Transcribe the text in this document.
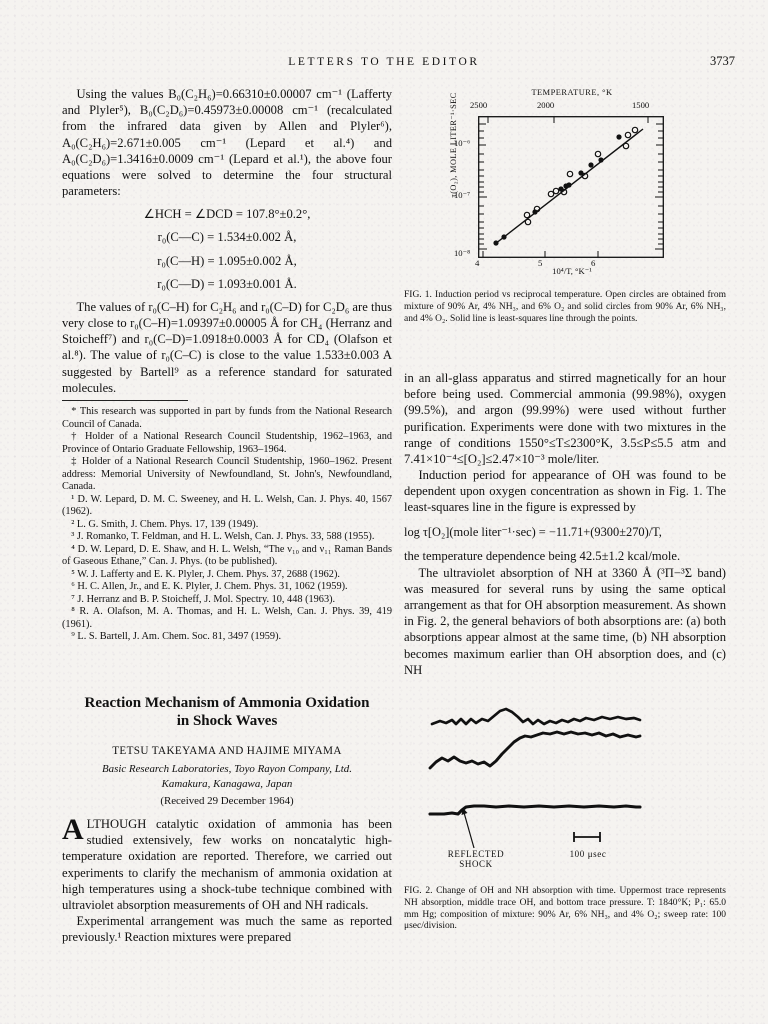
LETTERS TO THE EDITOR	3737

Using the values B₀(C₂H₆)=0.66310±0.00007 cm⁻¹ (Lafferty and Plyler⁵), B₀(C₂D₆)=0.45973±0.00008 cm⁻¹ (recalculated from the infrared data given by Allen and Plyler⁶), A₀(C₂H₆)=2.671±0.005 cm⁻¹ (Lepard et al.⁴) and A₀(C₂D₆)=1.3416±0.0009 cm⁻¹ (Lepard et al.¹), the above four equations were solved to determine the four structural parameters:

∠HCH = ∠DCD = 107.8°±0.2°,
r₀(C—C) = 1.534±0.002 Å,
r₀(C—H) = 1.095±0.002 Å,
r₀(C—D) = 1.093±0.001 Å.

The values of r₀(C–H) for C₂H₆ and r₀(C–D) for C₂D₆ are thus very close to r₀(C–H)=1.09397±0.00005 Å for CH₄ (Herranz and Stoicheff⁷) and r₀(C–D)=1.0918±0.0003 Å for CD₄ (Olafson et al.⁸). The value of r₀(C–C) is close to the value 1.533±0.003 A suggested by Bartell⁹ as a reference standard for saturated molecules.

* This research was supported in part by funds from the National Research Council of Canada.

† Holder of a National Research Council Studentship, 1962–1963, and Province of Ontario Graduate Fellowship, 1963–1964.

‡ Holder of a National Research Council Studentship, 1960–1962. Present address: Memorial University of Newfoundland, St. John's, Newfoundland, Canada.

¹ D. W. Lepard, D. M. C. Sweeney, and H. L. Welsh, Can. J. Phys. 40, 1567 (1962).

² L. G. Smith, J. Chem. Phys. 17, 139 (1949).

³ J. Romanko, T. Feldman, and H. L. Welsh, Can. J. Phys. 33, 588 (1955).

⁴ D. W. Lepard, D. E. Shaw, and H. L. Welsh, “The ν₁₀ and ν₁₁ Raman Bands of Gaseous Ethane,” Can. J. Phys. (to be published).

⁵ W. J. Lafferty and E. K. Plyler, J. Chem. Phys. 37, 2688 (1962).

⁶ H. C. Allen, Jr., and E. K. Plyler, J. Chem. Phys. 31, 1062 (1959).

⁷ J. Herranz and B. P. Stoicheff, J. Mol. Spectry. 10, 448 (1963).

⁸ R. A. Olafson, M. A. Thomas, and H. L. Welsh, Can. J. Phys. 39, 419 (1961).

⁹ L. S. Bartell, J. Am. Chem. Soc. 81, 3497 (1959).

Reaction Mechanism of Ammonia Oxidation
in Shock Waves
TETSU TAKEYAMA AND HAJIME MIYAMA
Basic Research Laboratories, Toyo Rayon Company, Ltd.
Kamakura, Kanagawa, Japan
(Received 29 December 1964)

ALTHOUGH catalytic oxidation of ammonia has been studied extensively, few works on noncatalytic high-temperature oxidation are reported. Therefore, we carried out experiments to clarify the mechanism of ammonia oxidation at high temperatures using a shock-tube technique combined with ultraviolet absorption measurements of OH and NH radicals.

Experimental arrangement was much the same as reported previously.¹ Reaction mixtures were prepared

TEMPERATURE, °K
2500	2000	1500
τ(O₂), MOLE LITER⁻¹·SEC
10⁻⁶
10⁻⁷
10⁻⁸
4	5	6
10⁴/T, °K⁻¹
FIG. 1. Induction period vs reciprocal temperature. Open circles are obtained from mixture of 90% Ar, 4% NH₃, and 6% O₂ and solid circles from 90% Ar, 6% NH₃, and 4% O₂. Solid line is least-squares line through the points.

in an all-glass apparatus and stirred magnetically for an hour before being used. Commercial ammonia (99.98%), oxygen (99.5%), and argon (99.99%) were used without further purification. Experiments were done with two mixtures in the range of conditions 1550°≤T≤2300°K, 3.5≤P≤5.5 atm and 7.41×10⁻⁴≤[O₂]≤2.47×10⁻³ mole/liter.

Induction period for appearance of OH was found to be dependent upon oxygen concentration as shown in Fig. 1. The least-squares line in the figure is expressed by

log τ[O₂](mole liter⁻¹·sec) = −11.71+(9300±270)/T,

the temperature dependence being 42.5±1.2 kcal/mole.

The ultraviolet absorption of NH at 3360 Å (³Π−³Σ band) was measured for several runs by using the same optical arrangement as that for OH absorption measurement. As shown in Fig. 2, the general behaviors of both absorptions are: (a) both absorptions appear almost at the same time, (b) NH absorption becomes maximum earlier than OH absorption does, and (c) NH

REFLECTED
SHOCK
100 μsec
FIG. 2. Change of OH and NH absorption with time. Uppermost trace represents NH absorption, middle trace OH, and bottom trace pressure. T: 1840°K; P₁: 65.0 mm Hg; composition of mixture: 90% Ar, 6% NH₃, and 4% O₂; sweep rate: 100 μsec/division.
